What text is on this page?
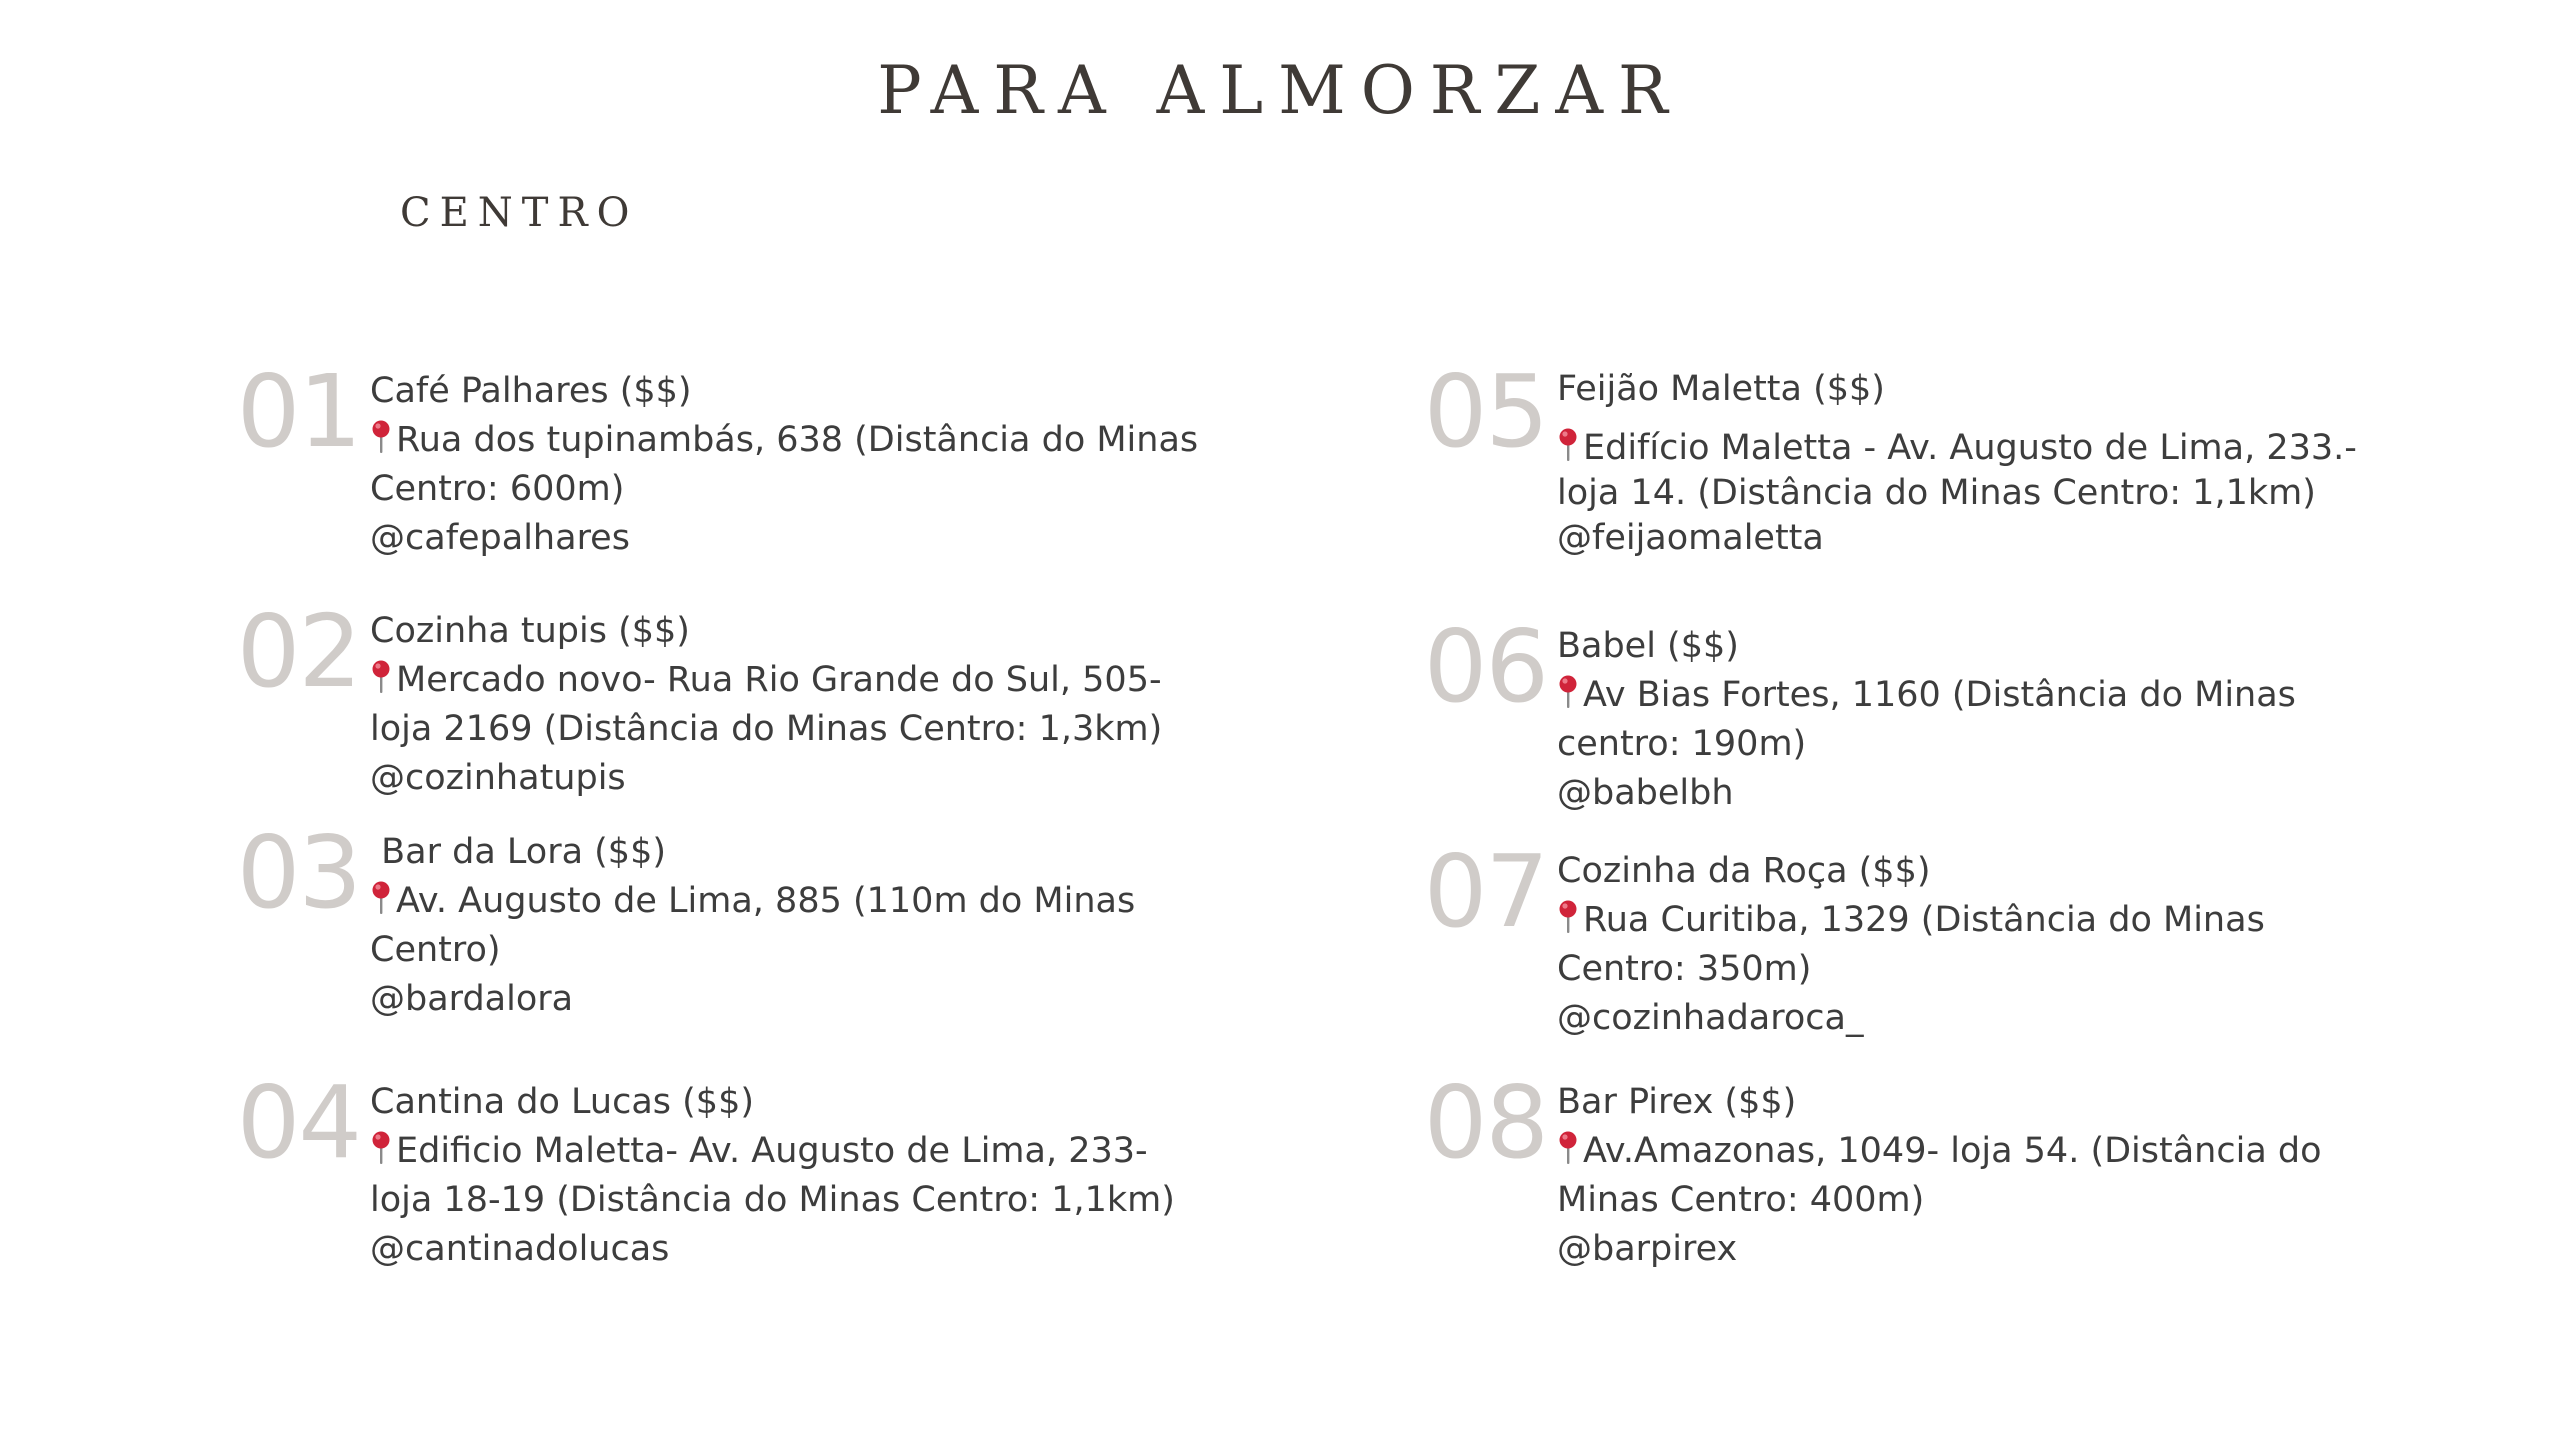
PARA ALMORZAR
CENTRO
01 Café Palhares ($$)
Rua dos tupinambás, 638 (Distância do Minas
Centro: 600m)
@cafepalhares
02 Cozinha tupis ($$)
Mercado novo- Rua Rio Grande do Sul, 505-
loja 2169 (Distância do Minas Centro: 1,3km)
@cozinhatupis
03 Bar da Lora ($$)
Av. Augusto de Lima, 885 (110m do Minas
Centro)
@bardalora
04 Cantina do Lucas ($$)
Edificio Maletta- Av. Augusto de Lima, 233-
loja 18-19 (Distância do Minas Centro: 1,1km)
@cantinadolucas
05 Feijão Maletta ($$)
Edifício Maletta - Av. Augusto de Lima, 233.-
loja 14. (Distância do Minas Centro: 1,1km)
@feijaomaletta
06 Babel ($$)
Av Bias Fortes, 1160 (Distância do Minas
centro: 190m)
@babelbh
07 Cozinha da Roça ($$)
Rua Curitiba, 1329 (Distância do Minas
Centro: 350m)
@cozinhadaroca_
08 Bar Pirex ($$)
Av.Amazonas, 1049- loja 54. (Distância do
Minas Centro: 400m)
@barpirex
